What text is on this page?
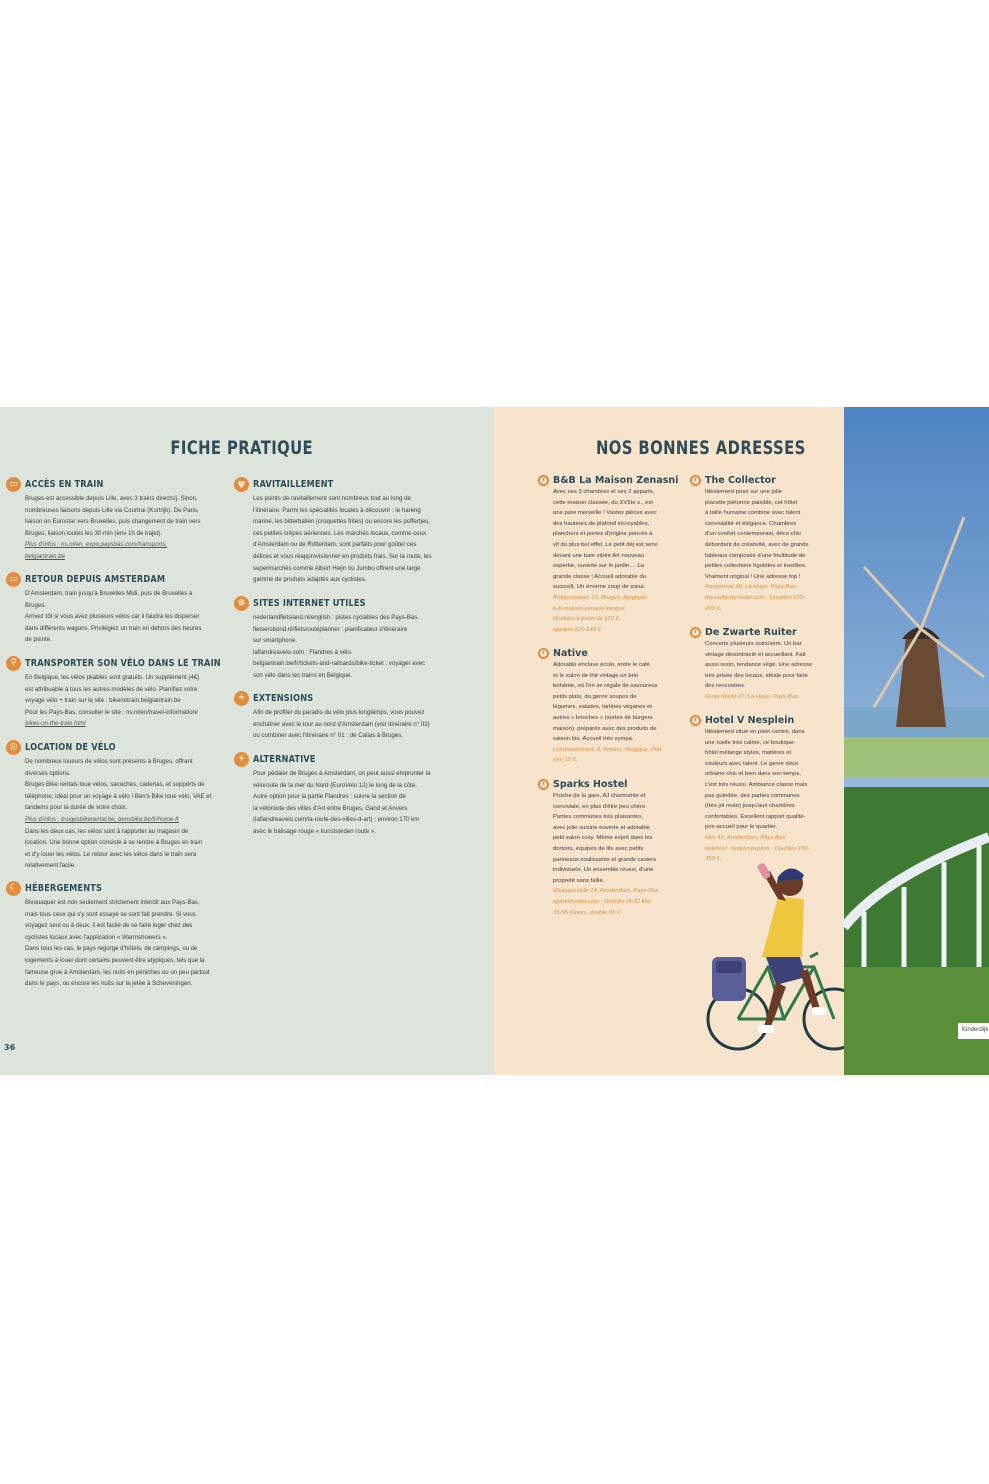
FICHE PRATIQUE
▭ ACCÈS EN TRAIN
Bruges est accessible depuis Lille, avec 3 trains directs/j. Sinon,
nombreuses liaisons depuis Lille via Courtrai (Kortrijk). De Paris,
liaison en Eurostar vers Bruxelles, puis changement de train vers
Bruges, liaison toutes les 30 min (env 1h de trajet).
Plus d'infos : ns.nl/en, expo.paysbas.com/transports,
belgiantrain.be
▭ RETOUR DEPUIS AMSTERDAM
D'Amsterdam, train jusqu'à Bruxelles Midi, puis de Bruxelles à
Bruges.
Arrivez tôt si vous avez plusieurs vélos car il faudra les disperser
dans différents wagons. Privilégiez un train en dehors des heures
de pointe.
⚲ TRANSPORTER SON VÉLO DANS LE TRAIN
En Belgique, les vélos pliables sont gratuits. Un supplément (4€)
est attribuable à tous les autres modèles de vélo. Planifiez votre
voyage vélo + train sur le site : bikenotrain.belgiantrain.be
Pour les Pays-Bas, consulter le site : ns.nl/en/travel-information/
bikes-on-the-train.html
◎ LOCATION DE VÉLO
De nombreux loueurs de vélos sont présents à Bruges, offrant
diverses options.
Bruges Bike rentals loue vélos, sacoches, cadenas, et supports de
téléphone, idéal pour un voyage à vélo ! Ben's Bike loue vélo, VAE et
tandems pour la durée de votre choix.
Plus d'infos : brugesbikerental.be, bensbike.be/fr/home-fr
Dans les deux cas, les vélos sont à rapporter au magasin de
location. Une bonne option consiste à se rendre à Bruges en train
et d'y louer les vélos. Le retour avec les vélos dans le train sera
relativement facile.
☾ HÉBERGEMENTS
Bivouaquer est non seulement strictement interdit aux Pays-Bas,
mais tous ceux qui s'y sont essayé se sont fait prendre. Si vous
voyagez seul ou à deux, il est facile de se faire loger chez des
cyclistes locaux avec l'application « Warmshowers ».
Dans tous les cas, le pays regorge d'hôtels, de campings, ou de
logements à louer dont certains peuvent être atypiques, tels que la
fameuse grue à Amsterdam, les nuits en péniches ou un peu partout
dans le pays, ou encore les nuits sur la jetée à Scheveningen.
ψ RAVITAILLEMENT
Les points de ravitaillement sont nombreux tout au long de
l'itinéraire. Parmi les spécialités locales à découvrir : le hareng
mariné, les bitterballen (croquettes frites) ou encore les poffertjes,
ces petites crêpes aériennes. Les marchés locaux, comme ceux
d'Amsterdam ou de Rotterdam, sont parfaits pour goûter ces
délices et vous réapprovisionner en produits frais. Sur la route, les
supermarchés comme Albert Heijn ou Jumbo offrent une large
gamme de produits adaptés aux cyclistes.
⊕ SITES INTERNET UTILES
nederlandfietsland.nl/english : pistes cyclables des Pays-Bas.
fietsersbond.nl/fietsrouteplanner : planificateur d'itinéraire
sur smartphone.
laflandreavelo.com : Flandres à vélo.
belgiantrain.be/fr/tickets-and-railcards/bike-ticket : voyager avec
son vélo dans les trains en Belgique.
+ EXTENSIONS
Afin de profiter du paradis du vélo plus longtemps, vous pouvez
enchaîner avec le tour au nord d'Amsterdam (voir itinéraire n° 03)
ou combiner avec l'itinéraire n° 01 : de Calais à Bruges.
+ ALTERNATIVE
Pour pédaler de Bruges à Amsterdam, on peut aussi emprunter la
véloroute de la mer du Nord (EuroVelo 12) le long de la côte.
Autre option pour la partie Flandres : suivre la section de
la véloroute des villes d'Art entre Bruges, Gand et Anvers
(laflandreavelo.com/la-route-des-villes-d-art) ; environ 170 km
avec le balisage rouge « kunststeden route ».
36
NOS BONNES ADRESSES
B&B La Maison Zenasni
Avec ses 3 chambres et ses 2 apparts,
cette maison classée, du XVIIIe s., est
une pure merveille ! Vastes pièces avec
des hauteurs de plafond incroyables,
planchers et portes d'origine poncés à
vif du plus bel effet. Le petit déj est servi
devant une baie vitrée Art nouveau
superbe, ouverte sur le jardin.... La
grande classe ! Accueil adorable du
sucrcoît. Un énorme coup de cœur.
Riddersstraat, 10, Bruges, Belgique.
b-b-maison-zenasni-bruges
Doubles à partir de 110 €,
apparts 120-140 €.
Native
Adorable enclave écolo, entre le café
et le salon de thé vintage un brin
bohème, où l'on se régale de savoureux
petits plats, du genre soupes de
légumes, salades, tartines véganes et
autres « brioches » (sortes de burgers
maison), préparés avec des produits de
saison bio. Accueil très sympa.
Lombardenvest, 8, Anvers, Belgique. Plat
env 12 €.
Sparks Hostel
Proche de la gare, AJ charmante et
conviviale, en plus d'être peu chère.
Parties communes très plaisantes,
avec jolie cuisine ouverte et adorable
petit salon cosy. Même esprit dans les
dortoirs, équipés de lits avec petits
panneaux coulissants et grands casiers
individuels. Un ensemble réussi, d'une
propreté sans faille.
Weesperzijde 14, Amsterdam, Pays-Bas.
sparkshostel.com · Dortoirs (4-12 lits)
35-55 €/pers, double 95 €.
The Collector
Idéalement posé sur une jolie
placette piétonne paisible, cet hôtel
à taille humaine combine avec talent
convivialité et élégance. Chambres
d'un confort contemporain, déco chic
débordant de créativité, avec de grands
tableaux composés d'une foultitude de
petites collections rigolotes et insolites.
Vraiment original ! Une adresse top !
Hoogstraat 40, La Haye, Pays-Bas.
the-collector-hotel.com · Doubles 100-
200 €.
De Zwarte Ruiter
Concerts plusieurs soirs/sem. Un bar
vintage décontracté et accueillant. Fait
aussi resto, tendance végé. Une adresse
très prisée des locaux, idéale pour faire
des rencontres.
Grote Markt 27, La Haye, Pays-Bas.
Hotel V Nesplein
Idéalement situé en plein centre, dans
une ruelle très calme, ce boutique-
hôtel mélange styles, matières et
couleurs avec talent. Le genre déco
urbaine chic et bien dans son temps,
c'est très réussi. Ambiance classe mais
pas guindée, des parties communes
(très jol resto) jusqu'aux chambres
confortables. Excellent rapport qualité-
prix-accueil pour le quartier.
Nes 49, Amsterdam, Pays-Bas.
hotelv.nl · hotelvnesplein · Doubles 190-
350 €.
Kinderdijk
